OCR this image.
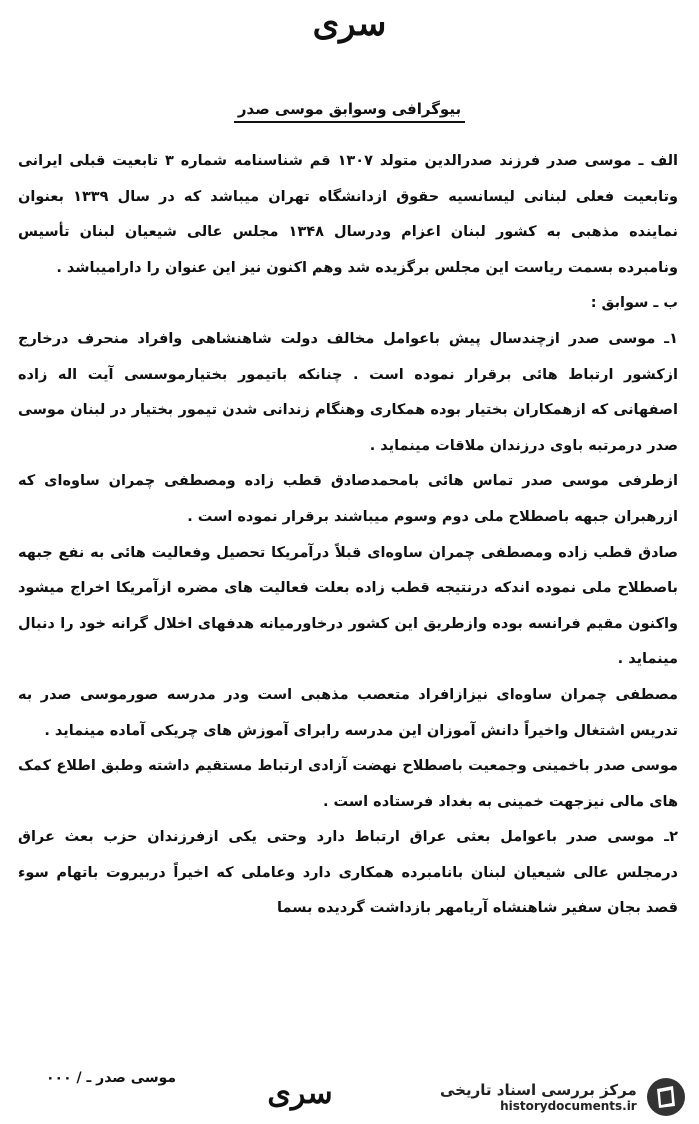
سری
بیوگرافی وسوابق موسی صدر

الف ـ موسی صدر فرزند صدرالدین متولد ۱۳۰۷ قم شناسنامه شماره ۳ تابعیت قبلی ایرانی وتابعیت فعلی لبنانی لیسانسیه حقوق ازدانشگاه تهران میباشد که در سال ۱۳۳۹ بعنوان نماینده مذهبی به کشور لبنان اعزام ودرسال ۱۳۴۸ مجلس عالی شیعیان لبنان تأسیس ونامبرده بسمت ریاست این مجلس برگزیده شد وهم اکنون نیز این عنوان را دارامیباشد .

ب ـ سوابق :

۱ـ موسی صدر ازچندسال پیش باعوامل مخالف دولت شاهنشاهی وافراد منحرف درخارج ازکشور ارتباط هائی برقرار نموده است . چنانکه باتیمور بختیارموسسی آیت اله زاده اصفهانی که ازهمکاران بختیار بوده همکاری وهنگام زندانی شدن تیمور بختیار در لبنان موسی صدر درمرتبه باوی درزندان ملاقات مینماید .

ازطرفی موسی صدر تماس هائی بامحمدصادق قطب زاده ومصطفی چمران ساوه‌ای که ازرهبران جبهه باصطلاح ملی دوم وسوم میباشند برقرار نموده است .

صادق قطب زاده ومصطفی چمران ساوه‌ای قبلاً درآمریکا تحصیل وفعالیت هائی به نفع جبهه باصطلاح ملی نموده اندکه درنتیجه قطب زاده بعلت فعالیت های مضره ازآمریکا اخراج میشود واکنون مقیم فرانسه بوده وازطریق این کشور درخاورمیانه هدفهای اخلال گرانه خود را دنبال مینماید .

مصطفی چمران ساوه‌ای نیزازافراد متعصب مذهبی است ودر مدرسه صورموسی صدر به تدریس اشتغال واخیراً دانش آموزان این مدرسه رابرای آموزش های چریکی آماده مینماید .

موسی صدر باخمینی وجمعیت باصطلاح نهضت آزادی ارتباط مستقیم داشته وطبق اطلاع کمک های مالی نیزجهت خمینی به بغداد فرستاده است .

۲ـ موسی صدر باعوامل بعثی عراق ارتباط دارد وحتی یکی ازفرزندان حزب بعث عراق درمجلس عالی شیعیان لبنان بانامبرده همکاری دارد وعاملی که اخیراً دربیروت باتهام سوء قصد بجان سفیر شاهنشاه آریامهر بازداشت گردیده بسما

موسی صدر ـ / ۰۰۰	سری	مرکز بررسی اسناد تاریخی
historydocuments.ir
